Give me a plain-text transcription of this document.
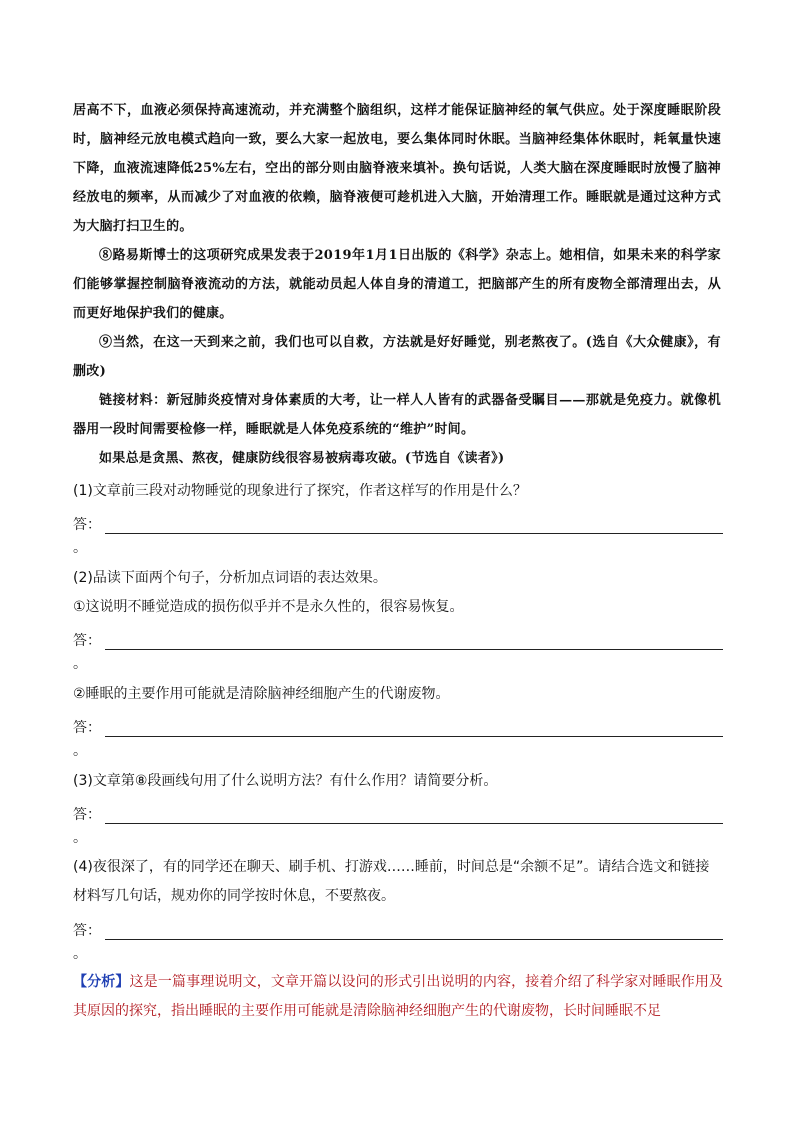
居高不下，血液必须保持高速流动，并充满整个脑组织，这样才能保证脑神经的氧气供应。处于深度睡眠阶段时，脑神经元放电模式趋向一致，要么大家一起放电，要么集体同时休眠。当脑神经集体休眠时，耗氧量快速下降，血液流速降低25%左右，空出的部分则由脑脊液来填补。换句话说，人类大脑在深度睡眠时放慢了脑神经放电的频率，从而减少了对血液的依赖，脑脊液便可趁机进入大脑，开始清理工作。睡眠就是通过这种方式为大脑打扫卫生的。

⑧路易斯博士的这项研究成果发表于2019年1月1日出版的《科学》杂志上。她相信，如果未来的科学家们能够掌握控制脑脊液流动的方法，就能动员起人体自身的清道工，把脑部产生的所有废物全部清理出去，从而更好地保护我们的健康。

⑨当然，在这一天到来之前，我们也可以自救，方法就是好好睡觉，别老熬夜了。(选自《大众健康》，有删改)

链接材料：新冠肺炎疫情对身体素质的大考，让一样人人皆有的武器备受瞩目——那就是免疫力。就像机器用一段时间需要检修一样，睡眠就是人体免疫系统的“维护”时间。

如果总是贪黑、熬夜，健康防线很容易被病毒攻破。(节选自《读者》)

(1)文章前三段对动物睡觉的现象进行了探究，作者这样写的作用是什么？
答：
。
(2)品读下面两个句子，分析加点词语的表达效果。
①这说明不睡觉造成的损伤似乎并不是永久性的，很容易恢复。
答：
。
②睡眠的主要作用可能就是清除脑神经细胞产生的代谢废物。
答：
。
(3)文章第⑧段画线句用了什么说明方法？有什么作用？请简要分析。
答：
。
(4)夜很深了，有的同学还在聊天、刷手机、打游戏……睡前，时间总是“余额不足”。请结合选文和链接材料写几句话，规劝你的同学按时休息，不要熬夜。
答：
。
【分析】这是一篇事理说明文，文章开篇以设问的形式引出说明的内容，接着介绍了科学家对睡眠作用及其原因的探究，指出睡眠的主要作用可能就是清除脑神经细胞产生的代谢废物，长时间睡眠不足
